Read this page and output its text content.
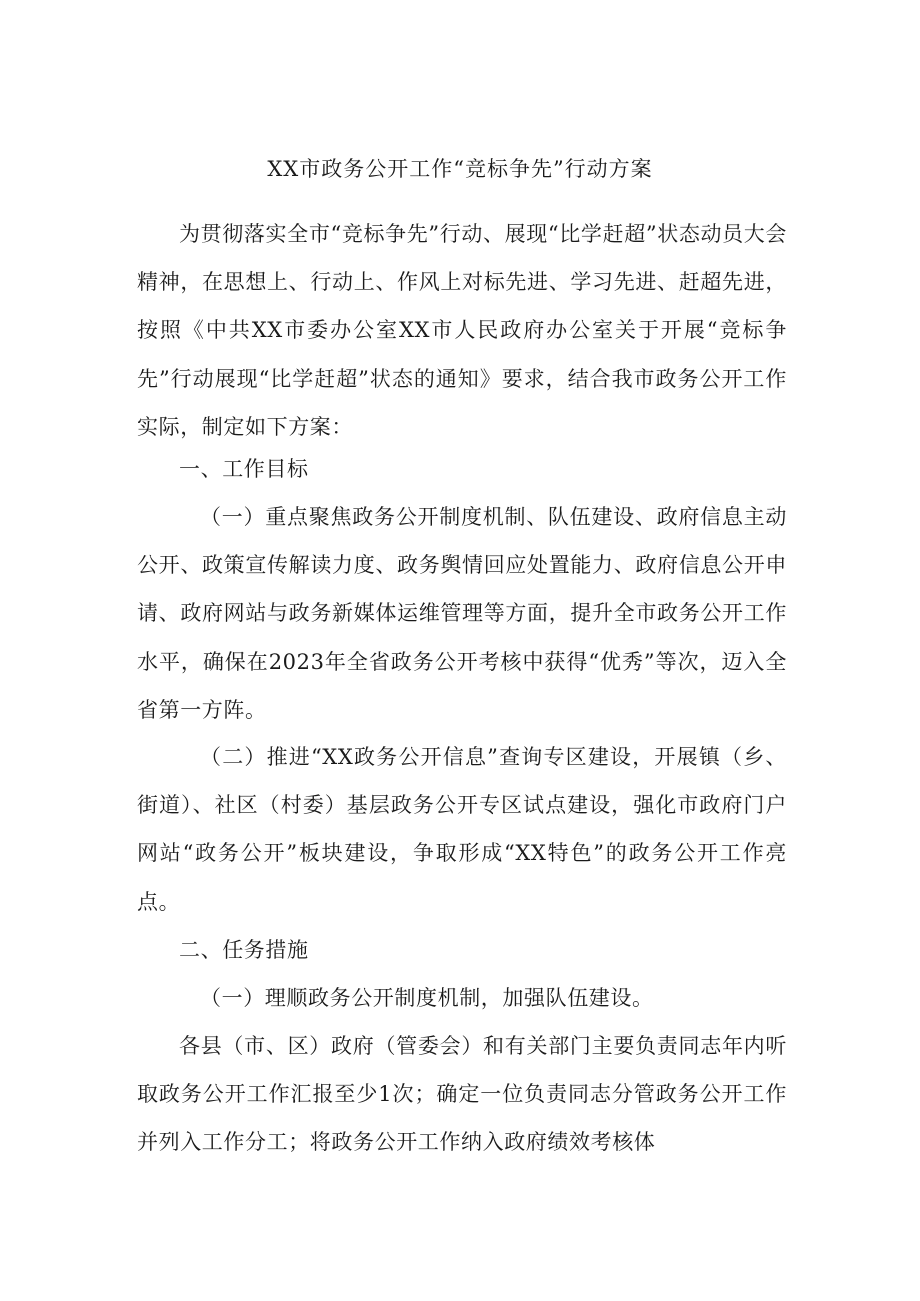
XX市政务公开工作“竞标争先”行动方案

为贯彻落实全市“竞标争先”行动、展现“比学赶超”状态动员大会精神，在思想上、行动上、作风上对标先进、学习先进、赶超先进，按照《中共XX市委办公室XX市人民政府办公室关于开展“竞标争先”行动展现“比学赶超”状态的通知》要求，结合我市政务公开工作实际，制定如下方案：

一、工作目标

（一）重点聚焦政务公开制度机制、队伍建设、政府信息主动公开、政策宣传解读力度、政务舆情回应处置能力、政府信息公开申请、政府网站与政务新媒体运维管理等方面，提升全市政务公开工作水平，确保在2023年全省政务公开考核中获得“优秀”等次，迈入全省第一方阵。

（二）推进“XX政务公开信息”查询专区建设，开展镇（乡、街道）、社区（村委）基层政务公开专区试点建设，强化市政府门户网站“政务公开”板块建设，争取形成“XX特色”的政务公开工作亮点。

二、任务措施

（一）理顺政务公开制度机制，加强队伍建设。

各县（市、区）政府（管委会）和有关部门主要负责同志年内听取政务公开工作汇报至少1次；确定一位负责同志分管政务公开工作并列入工作分工；将政务公开工作纳入政府绩效考核体
